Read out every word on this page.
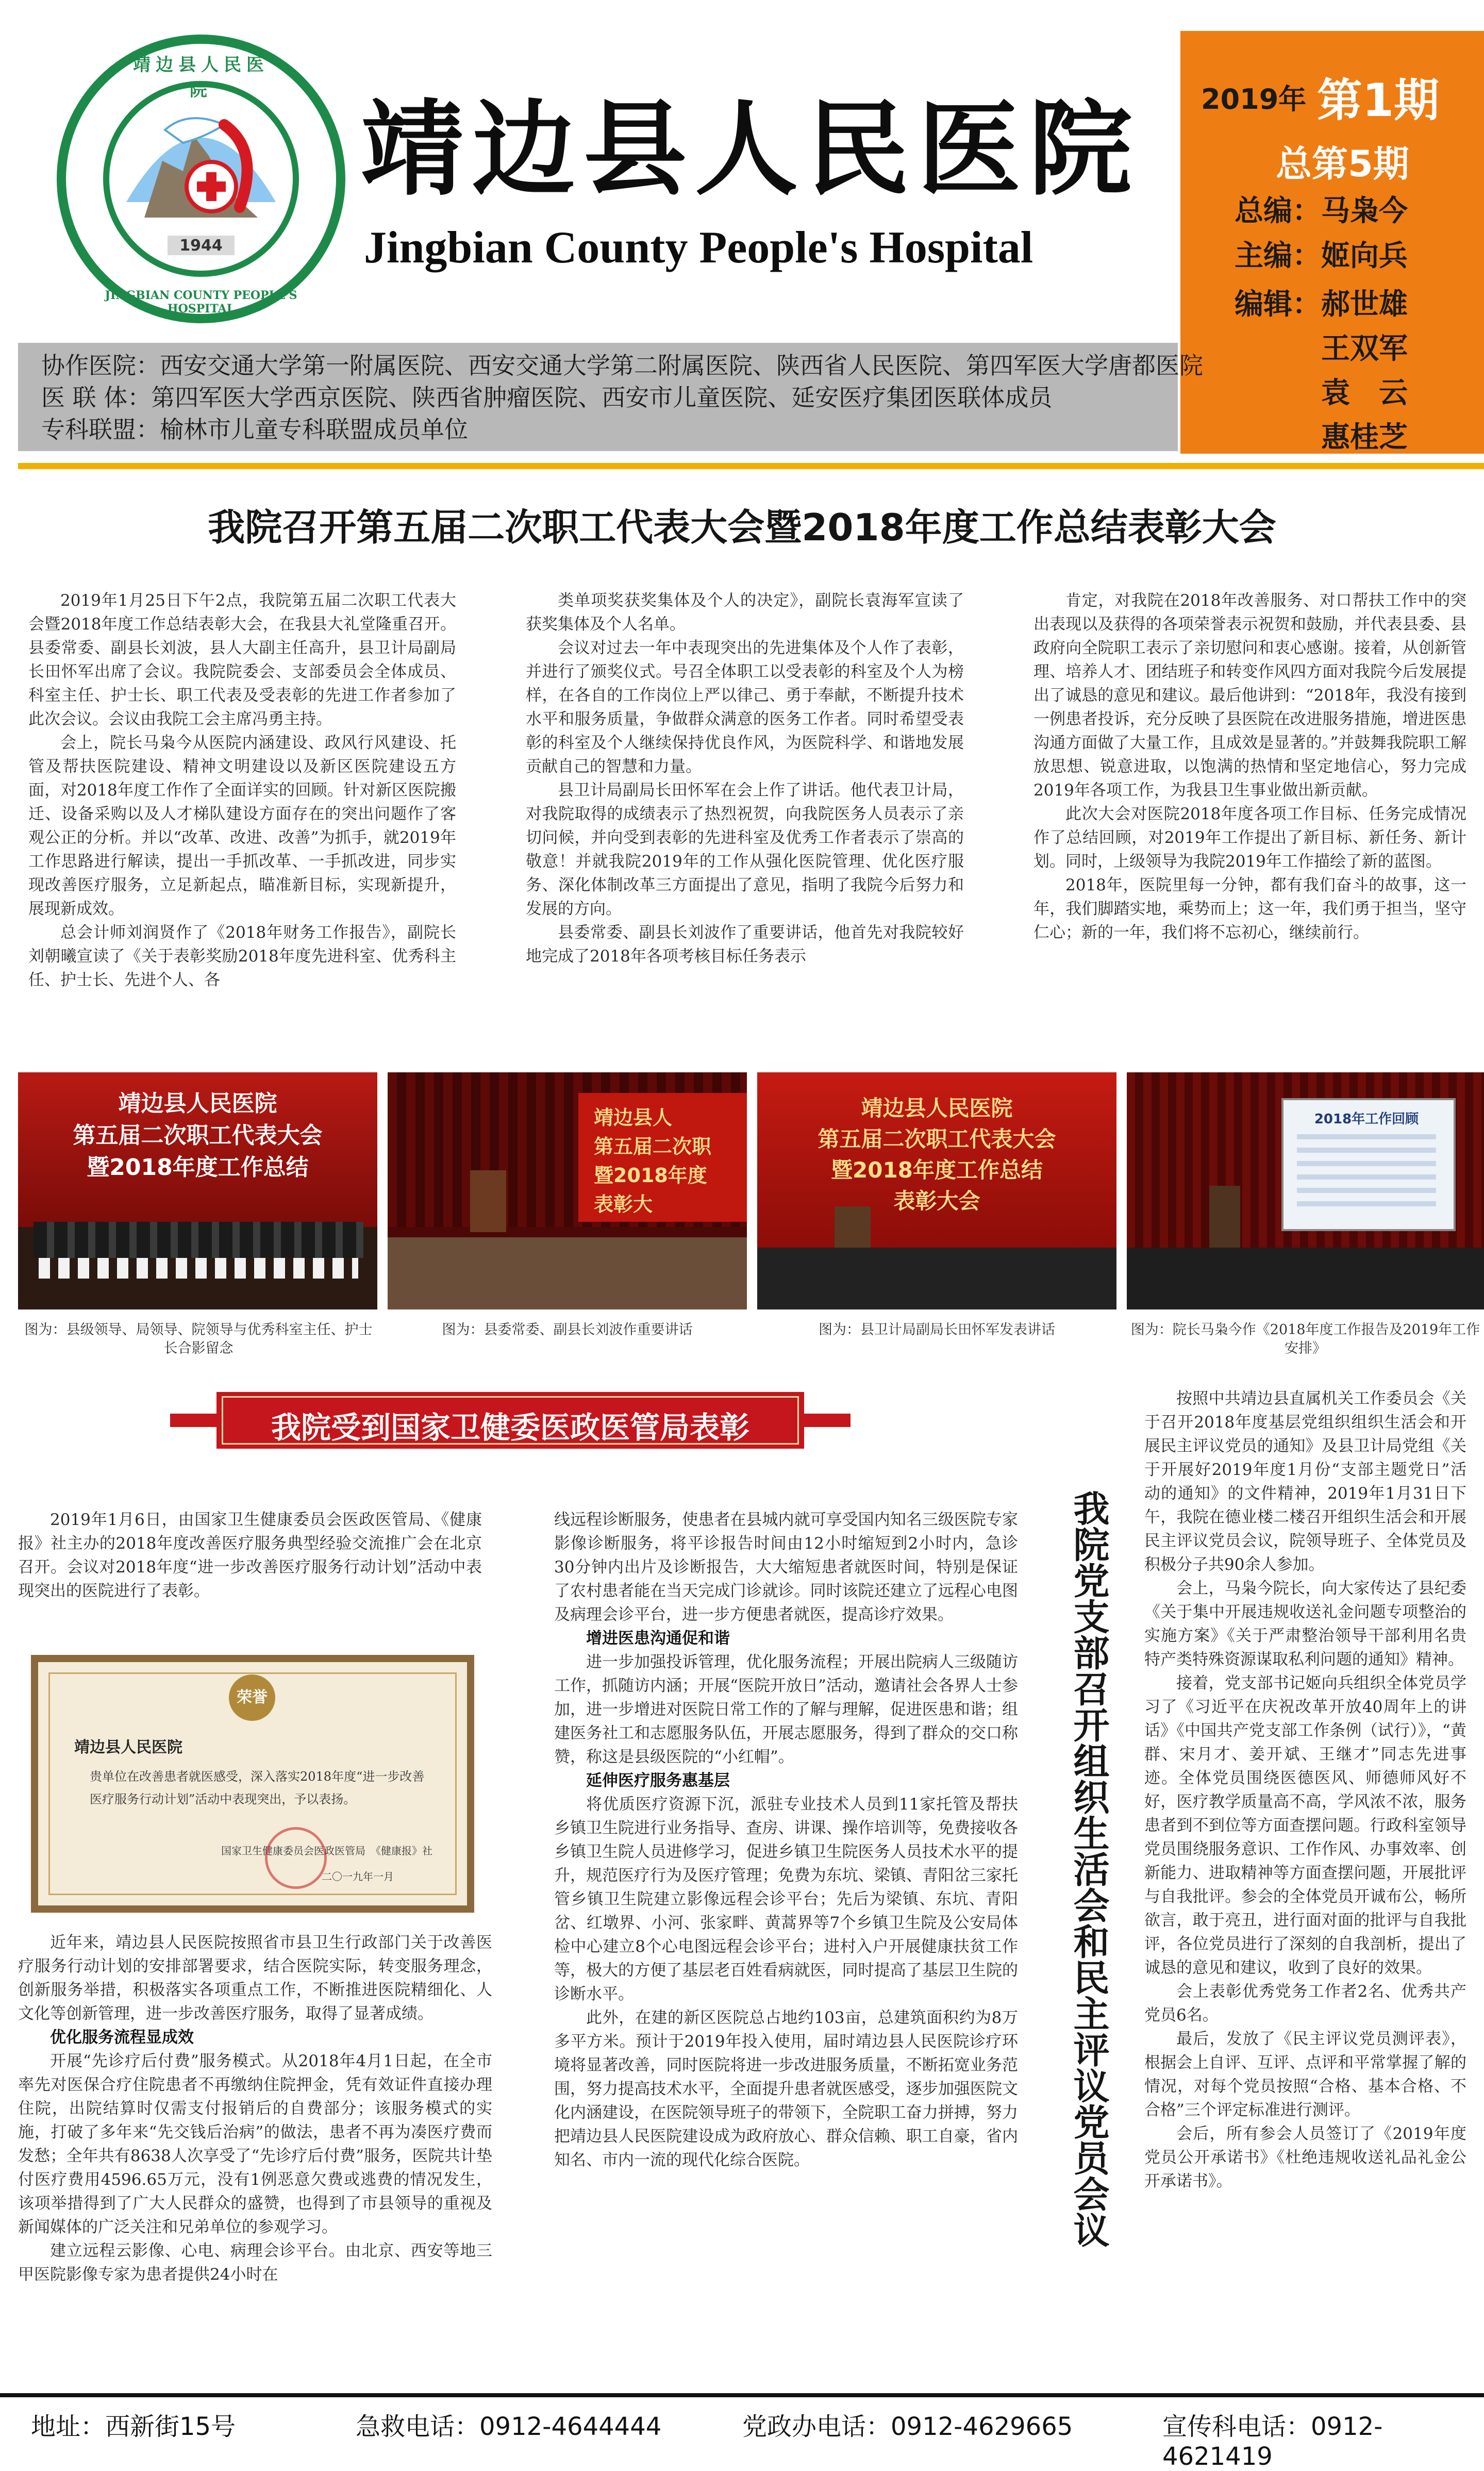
1944
JINGBIAN COUNTY PEOPLE'S HOSPITAL
靖边县人民医院	靖边县人民医院
Jingbian County People's Hospital
2019年 第1期
总第5期
总编：马枭今
主编：姬向兵
编辑：郝世雄
王双军
袁　云
惠桂芝
协作医院：西安交通大学第一附属医院、西安交通大学第二附属医院、陕西省人民医院、第四军医大学唐都医院
医 联 体：第四军医大学西京医院、陕西省肿瘤医院、西安市儿童医院、延安医疗集团医联体成员
专科联盟：榆林市儿童专科联盟成员单位
我院召开第五届二次职工代表大会暨2018年度工作总结表彰大会

2019年1月25日下午2点，我院第五届二次职工代表大会暨2018年度工作总结表彰大会，在我县大礼堂隆重召开。县委常委、副县长刘波，县人大副主任高升，县卫计局副局长田怀军出席了会议。我院院委会、支部委员会全体成员、科室主任、护士长、职工代表及受表彰的先进工作者参加了此次会议。会议由我院工会主席冯勇主持。

会上，院长马枭今从医院内涵建设、政风行风建设、托管及帮扶医院建设、精神文明建设以及新区医院建设五方面，对2018年度工作作了全面详实的回顾。针对新区医院搬迁、设备采购以及人才梯队建设方面存在的突出问题作了客观公正的分析。并以“改革、改进、改善”为抓手，就2019年工作思路进行解读，提出一手抓改革、一手抓改进，同步实现改善医疗服务，立足新起点，瞄准新目标，实现新提升，展现新成效。

总会计师刘润贤作了《2018年财务工作报告》，副院长刘朝曦宣读了《关于表彰奖励2018年度先进科室、优秀科主任、护士长、先进个人、各

类单项奖获奖集体及个人的决定》，副院长袁海军宣读了获奖集体及个人名单。

会议对过去一年中表现突出的先进集体及个人作了表彰，并进行了颁奖仪式。号召全体职工以受表彰的科室及个人为榜样，在各自的工作岗位上严以律己、勇于奉献，不断提升技术水平和服务质量，争做群众满意的医务工作者。同时希望受表彰的科室及个人继续保持优良作风，为医院科学、和谐地发展贡献自己的智慧和力量。

县卫计局副局长田怀军在会上作了讲话。他代表卫计局，对我院取得的成绩表示了热烈祝贺，向我院医务人员表示了亲切问候，并向受到表彰的先进科室及优秀工作者表示了崇高的敬意！并就我院2019年的工作从强化医院管理、优化医疗服务、深化体制改革三方面提出了意见，指明了我院今后努力和发展的方向。

县委常委、副县长刘波作了重要讲话，他首先对我院较好地完成了2018年各项考核目标任务表示

肯定，对我院在2018年改善服务、对口帮扶工作中的突出表现以及获得的各项荣誉表示祝贺和鼓励，并代表县委、县政府向全院职工表示了亲切慰问和衷心感谢。接着，从创新管理、培养人才、团结班子和转变作风四方面对我院今后发展提出了诚恳的意见和建议。最后他讲到：“2018年，我没有接到一例患者投诉，充分反映了县医院在改进服务措施，增进医患沟通方面做了大量工作，且成效是显著的。”并鼓舞我院职工解放思想、锐意进取，以饱满的热情和坚定地信心，努力完成2019年各项工作，为我县卫生事业做出新贡献。

此次大会对医院2018年度各项工作目标、任务完成情况作了总结回顾，对2019年工作提出了新目标、新任务、新计划。同时，上级领导为我院2019年工作描绘了新的蓝图。

2018年，医院里每一分钟，都有我们奋斗的故事，这一年，我们脚踏实地，乘势而上；这一年，我们勇于担当，坚守仁心；新的一年，我们将不忘初心，继续前行。

靖边县人民医院
第五届二次职工代表大会
暨2018年度工作总结
靖边县人
第五届二次职
暨2018年度
表彰大
靖边县人民医院
第五届二次职工代表大会
暨2018年度工作总结
表彰大会
2018年工作回顾
图为：县级领导、局领导、院领导与优秀科室主任、护士长合影留念
图为：县委常委、副县长刘波作重要讲话	图为：县卫计局副局长田怀军发表讲话	图为：院长马枭今作《2018年度工作报告及2019年工作安排》
我院受到国家卫健委医政医管局表彰
2019年1月6日，由国家卫生健康委员会医政医管局、《健康报》社主办的2018年度改善医疗服务典型经验交流推广会在北京召开。会议对2018年度“进一步改善医疗服务行动计划”活动中表现突出的医院进行了表彰。
荣誉
靖边县人民医院
贵单位在改善患者就医感受，深入落实2018年度“进一步改善医疗服务行动计划”活动中表现突出，予以表扬。
国家卫生健康委员会医政医管局　《健康报》社
二〇一九年一月

近年来，靖边县人民医院按照省市县卫生行政部门关于改善医疗服务行动计划的安排部署要求，结合医院实际，转变服务理念，创新服务举措，积极落实各项重点工作，不断推进医院精细化、人文化等创新管理，进一步改善医疗服务，取得了显著成绩。

优化服务流程显成效

开展“先诊疗后付费”服务模式。从2018年4月1日起，在全市率先对医保合疗住院患者不再缴纳住院押金，凭有效证件直接办理住院，出院结算时仅需支付报销后的自费部分；该服务模式的实施，打破了多年来“先交钱后治病”的做法，患者不再为凑医疗费而发愁；全年共有8638人次享受了“先诊疗后付费”服务，医院共计垫付医疗费用4596.65万元，没有1例恶意欠费或逃费的情况发生，该项举措得到了广大人民群众的盛赞，也得到了市县领导的重视及新闻媒体的广泛关注和兄弟单位的参观学习。

建立远程云影像、心电、病理会诊平台。由北京、西安等地三甲医院影像专家为患者提供24小时在

线远程诊断服务，使患者在县城内就可享受国内知名三级医院专家影像诊断服务，将平诊报告时间由12小时缩短到2小时内，急诊30分钟内出片及诊断报告，大大缩短患者就医时间，特别是保证了农村患者能在当天完成门诊就诊。同时该院还建立了远程心电图及病理会诊平台，进一步方便患者就医，提高诊疗效果。

增进医患沟通促和谐

进一步加强投诉管理，优化服务流程；开展出院病人三级随访工作，抓随访内涵；开展“医院开放日”活动，邀请社会各界人士参加，进一步增进对医院日常工作的了解与理解，促进医患和谐；组建医务社工和志愿服务队伍，开展志愿服务，得到了群众的交口称赞，称这是县级医院的“小红帽”。

延伸医疗服务惠基层

将优质医疗资源下沉，派驻专业技术人员到11家托管及帮扶乡镇卫生院进行业务指导、查房、讲课、操作培训等，免费接收各乡镇卫生院人员进修学习，促进乡镇卫生院医务人员技术水平的提升，规范医疗行为及医疗管理；免费为东坑、梁镇、青阳岔三家托管乡镇卫生院建立影像远程会诊平台；先后为梁镇、东坑、青阳岔、红墩界、小河、张家畔、黄蒿界等7个乡镇卫生院及公安局体检中心建立8个心电图远程会诊平台；进村入户开展健康扶贫工作等，极大的方便了基层老百姓看病就医，同时提高了基层卫生院的诊断水平。

此外，在建的新区医院总占地约103亩，总建筑面积约为8万多平方米。预计于2019年投入使用，届时靖边县人民医院诊疗环境将显著改善，同时医院将进一步改进服务质量，不断拓宽业务范围，努力提高技术水平，全面提升患者就医感受，逐步加强医院文化内涵建设，在医院领导班子的带领下，全院职工奋力拼搏，努力把靖边县人民医院建设成为政府放心、群众信赖、职工自豪，省内知名、市内一流的现代化综合医院。	我院党支部召开组织生活会和民主评议党员会议

按照中共靖边县直属机关工作委员会《关于召开2018年度基层党组织组织生活会和开展民主评议党员的通知》及县卫计局党组《关于开展好2019年度1月份“支部主题党日”活动的通知》的文件精神，2019年1月31日下午，我院在德业楼二楼召开组织生活会和开展民主评议党员会议，院领导班子、全体党员及积极分子共90余人参加。

会上，马枭今院长，向大家传达了县纪委《关于集中开展违规收送礼金问题专项整治的实施方案》《关于严肃整治领导干部利用名贵特产类特殊资源谋取私利问题的通知》精神。

接着，党支部书记姬向兵组织全体党员学习了《习近平在庆祝改革开放40周年上的讲话》《中国共产党支部工作条例（试行）》，“黄群、宋月才、姜开斌、王继才”同志先进事迹。全体党员围绕医德医风、师德师风好不好，医疗教学质量高不高，学风浓不浓，服务患者到不到位等方面查摆问题。行政科室领导党员围绕服务意识、工作作风、办事效率、创新能力、进取精神等方面查摆问题，开展批评与自我批评。参会的全体党员开诚布公，畅所欲言，敢于亮丑，进行面对面的批评与自我批评，各位党员进行了深刻的自我剖析，提出了诚恳的意见和建议，收到了良好的效果。

会上表彰优秀党务工作者2名、优秀共产党员6名。

最后，发放了《民主评议党员测评表》，根据会上自评、互评、点评和平常掌握了解的情况，对每个党员按照“合格、基本合格、不合格”三个评定标准进行测评。

会后，所有参会人员签订了《2019年度党员公开承诺书》《杜绝违规收送礼品礼金公开承诺书》。

地址：西新街15号	急救电话：0912-4644444	党政办电话：0912-4629665	宣传科电话：0912-4621419
